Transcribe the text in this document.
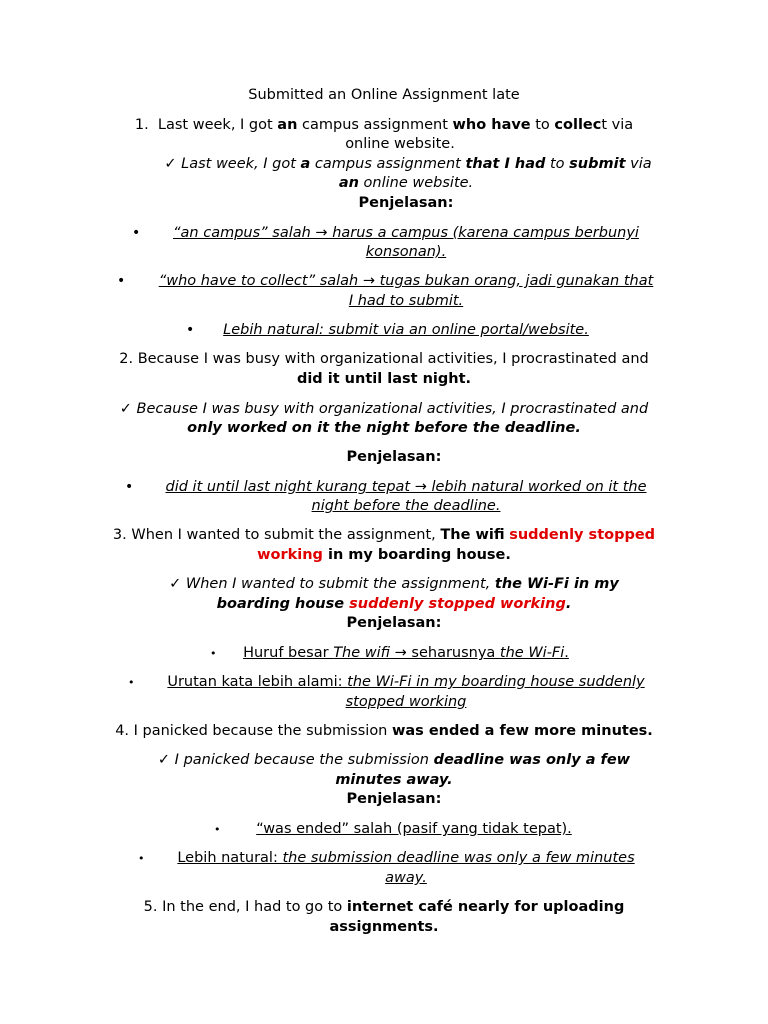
Submitted an Online Assignment late
1. Last week, I got an campus assignment who have to collect via
online website.
✓ Last week, I got a campus assignment that I had to submit via
an online website.
Penjelasan:
•	“an campus” salah → harus a campus (karena campus berbunyi
konsonan).
•	“who have to collect” salah → tugas bukan orang, jadi gunakan that
I had to submit.
•	Lebih natural: submit via an online portal/website.
2. Because I was busy with organizational activities, I procrastinated and
did it until last night.
✓ Because I was busy with organizational activities, I procrastinated and
only worked on it the night before the deadline.
Penjelasan:
•	did it until last night kurang tepat → lebih natural worked on it the
night before the deadline.
3. When I wanted to submit the assignment, The wifi suddenly stopped
working in my boarding house.
✓ When I wanted to submit the assignment, the Wi-Fi in my
boarding house suddenly stopped working.
Penjelasan:
•	Huruf besar The wifi → seharusnya the Wi-Fi.
•	Urutan kata lebih alami: the Wi-Fi in my boarding house suddenly
stopped working
4. I panicked because the submission was ended a few more minutes.
✓ I panicked because the submission deadline was only a few
minutes away.
Penjelasan:
•	“was ended” salah (pasif yang tidak tepat).
•	Lebih natural: the submission deadline was only a few minutes
away.
5. In the end, I had to go to internet café nearly for uploading
assignments.
